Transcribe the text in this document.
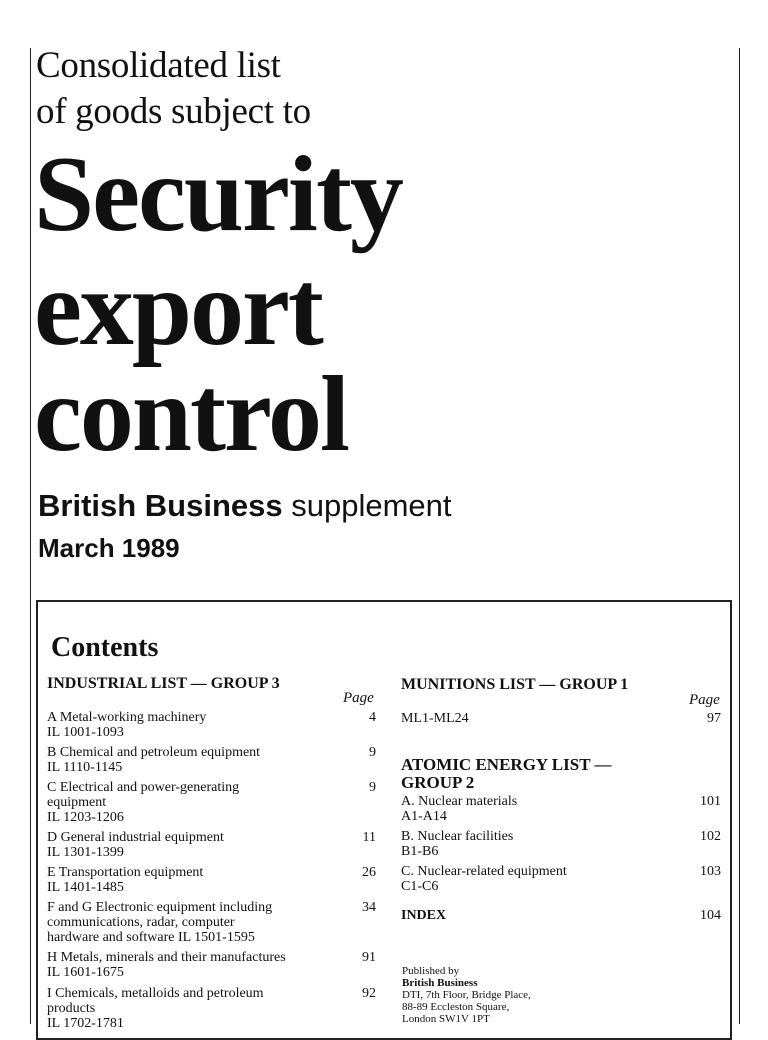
Consolidated list
of goods subject to
Security
export
control
British Business supplement
March 1989
Contents
INDUSTRIAL LIST — GROUP 3
Page
A Metal-working machinery
IL 1001-1093
4
B Chemical and petroleum equipment
IL 1110-1145
9
C Electrical and power-generating
equipment
IL 1203-1206
9
D General industrial equipment
IL 1301-1399
11
E Transportation equipment
IL 1401-1485
26
F and G Electronic equipment including
communications, radar, computer
hardware and software IL 1501-1595
34
H Metals, minerals and their manufactures
IL 1601-1675
91
I Chemicals, metalloids and petroleum
products
IL 1702-1781
92
MUNITIONS LIST — GROUP 1
Page
ML1-ML24	97
ATOMIC ENERGY LIST —
GROUP 2
A. Nuclear materials
A1-A14
101
B. Nuclear facilities
B1-B6
102
C. Nuclear-related equipment
C1-C6
103
INDEX	104
Published by
British Business
DTI, 7th Floor, Bridge Place,
88-89 Eccleston Square,
London SW1V 1PT
